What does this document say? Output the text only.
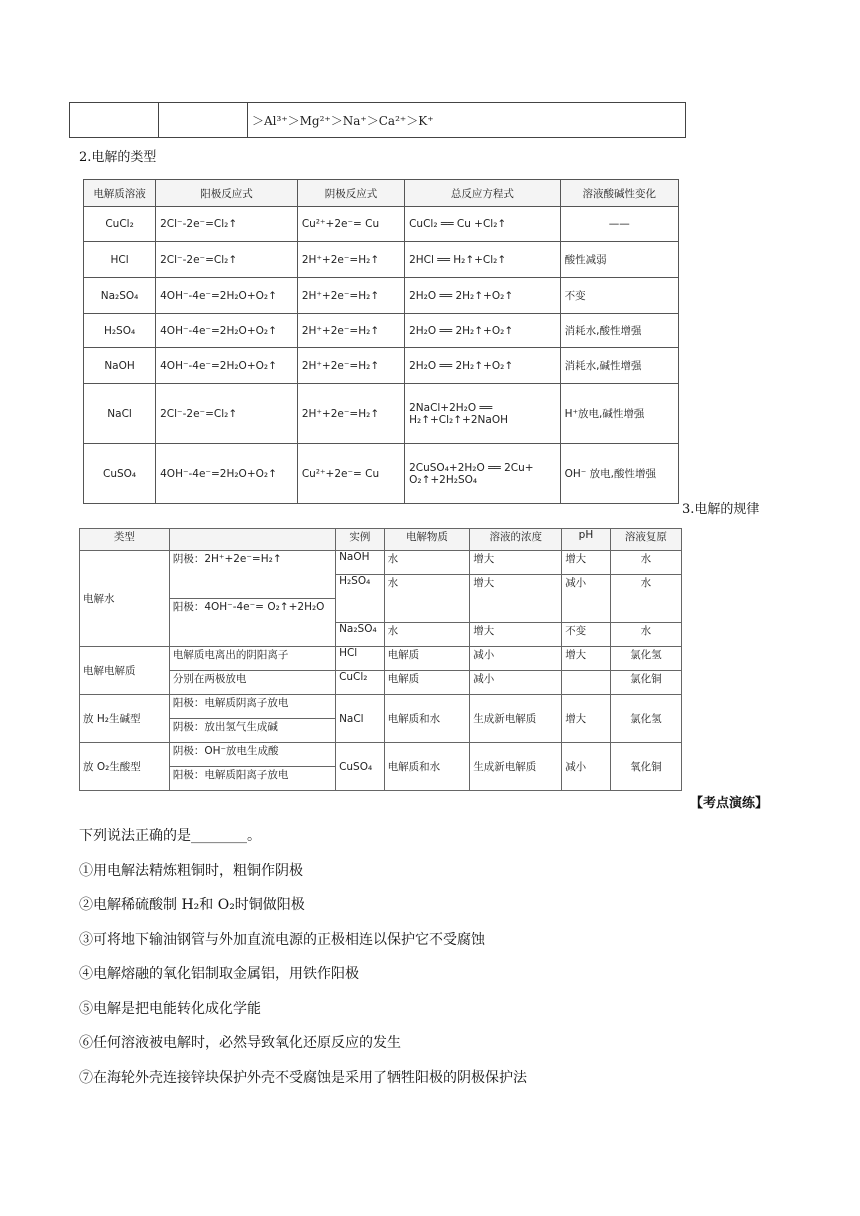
		＞Al³⁺＞Mg²⁺＞Na⁺＞Ca²⁺＞K⁺
2.电解的类型
电解质溶液	阳极反应式	阴极反应式	总反应方程式	溶液酸碱性变化
CuCl₂	2Cl⁻-2e⁻=Cl₂↑	Cu²⁺+2e⁻= Cu	CuCl₂ ══ Cu +Cl₂↑	——
HCl	2Cl⁻-2e⁻=Cl₂↑	2H⁺+2e⁻=H₂↑	2HCl ══ H₂↑+Cl₂↑	酸性减弱
Na₂SO₄	4OH⁻-4e⁻=2H₂O+O₂↑	2H⁺+2e⁻=H₂↑	2H₂O ══ 2H₂↑+O₂↑	不变
H₂SO₄	4OH⁻-4e⁻=2H₂O+O₂↑	2H⁺+2e⁻=H₂↑	2H₂O ══ 2H₂↑+O₂↑	消耗水,酸性增强
NaOH	4OH⁻-4e⁻=2H₂O+O₂↑	2H⁺+2e⁻=H₂↑	2H₂O ══ 2H₂↑+O₂↑	消耗水,碱性增强
NaCl	2Cl⁻-2e⁻=Cl₂↑	2H⁺+2e⁻=H₂↑	2NaCl+2H₂O ══ H₂↑+Cl₂↑+2NaOH	H⁺放电,碱性增强
CuSO₄	4OH⁻-4e⁻=2H₂O+O₂↑	Cu²⁺+2e⁻= Cu	2CuSO₄+2H₂O ══ 2Cu+ O₂↑+2H₂SO₄	OH⁻ 放电,酸性增强
3.电解的规律
类型		实例	电解物质	溶液的浓度	pH	溶液复原
电解水	阴极：2H⁺+2e⁻=H₂↑	NaOH	水	增大	增大	水
		H₂SO₄	水	增大	减小	水
	阳极：4OH⁻-4e⁻= O₂↑+2H₂O					
		Na₂SO₄	水	增大	不变	水
电解电解质	电解质电离出的阴阳离子	HCl	电解质	减小	增大	氯化氢
	分别在两极放电	CuCl₂	电解质	减小		氯化铜
放 H₂生碱型	阳极：电解质阴离子放电	NaCl	电解质和水	生成新电解质	增大	氯化氢
	阴极：放出氢气生成碱					
放 O₂生酸型	阴极：OH⁻放电生成酸	CuSO₄	电解质和水	生成新电解质	减小	氧化铜
	阳极：电解质阳离子放电					
【考点演练】
下列说法正确的是________。
①用电解法精炼粗铜时，粗铜作阴极
②电解稀硫酸制 H₂和 O₂时铜做阳极
③可将地下输油钢管与外加直流电源的正极相连以保护它不受腐蚀
④电解熔融的氧化铝制取金属铝，用铁作阳极
⑤电解是把电能转化成化学能
⑥任何溶液被电解时，必然导致氧化还原反应的发生
⑦在海轮外壳连接锌块保护外壳不受腐蚀是采用了牺牲阳极的阴极保护法
